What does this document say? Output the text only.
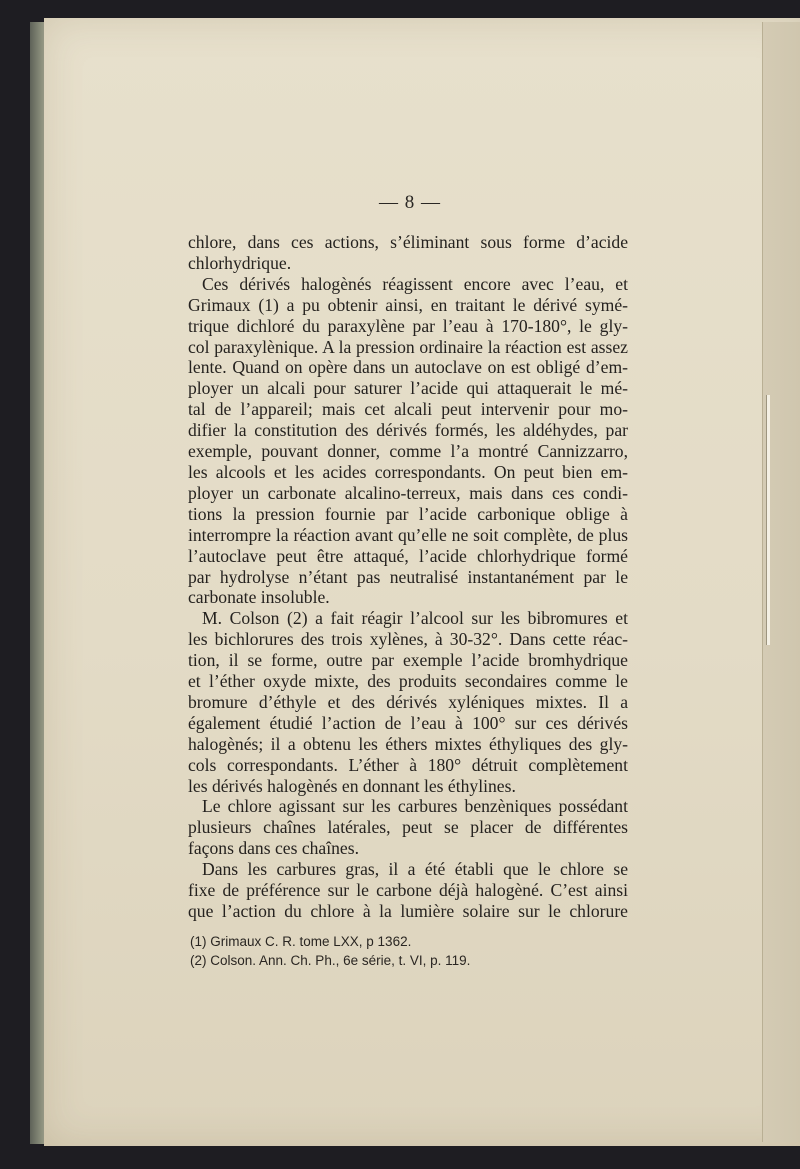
— 8 —
chlore, dans ces actions, s’éliminant sous forme d’acide
chlorhydrique.
Ces dérivés halogènés réagissent encore avec l’eau, et
Grimaux (1) a pu obtenir ainsi, en traitant le dérivé symé-
trique dichloré du paraxylène par l’eau à 170-180°, le gly-
col paraxylènique. A la pression ordinaire la réaction est assez
lente. Quand on opère dans un autoclave on est obligé d’em-
ployer un alcali pour saturer l’acide qui attaquerait le mé-
tal de l’appareil; mais cet alcali peut intervenir pour mo-
difier la constitution des dérivés formés, les aldéhydes, par
exemple, pouvant donner, comme l’a montré Cannizzarro,
les alcools et les acides correspondants. On peut bien em-
ployer un carbonate alcalino-terreux, mais dans ces condi-
tions la pression fournie par l’acide carbonique oblige à
interrompre la réaction avant qu’elle ne soit complète, de plus
l’autoclave peut être attaqué, l’acide chlorhydrique formé
par hydrolyse n’étant pas neutralisé instantanément par le
carbonate insoluble.
M. Colson (2) a fait réagir l’alcool sur les bibromures et
les bichlorures des trois xylènes, à 30-32°. Dans cette réac-
tion, il se forme, outre par exemple l’acide bromhydrique
et l’éther oxyde mixte, des produits secondaires comme le
bromure d’éthyle et des dérivés xyléniques mixtes. Il a
également étudié l’action de l’eau à 100° sur ces dérivés
halogènés; il a obtenu les éthers mixtes éthyliques des gly-
cols correspondants. L’éther à 180° détruit complètement
les dérivés halogènés en donnant les éthylines.
Le chlore agissant sur les carbures benzèniques possédant
plusieurs chaînes latérales, peut se placer de différentes
façons dans ces chaînes.
Dans les carbures gras, il a été établi que le chlore se
fixe de préférence sur le carbone déjà halogèné. C’est ainsi
que l’action du chlore à la lumière solaire sur le chlorure
(1) Grimaux C. R. tome LXX, p 1362.
(2) Colson. Ann. Ch. Ph., 6e série, t. VI, p. 119.
